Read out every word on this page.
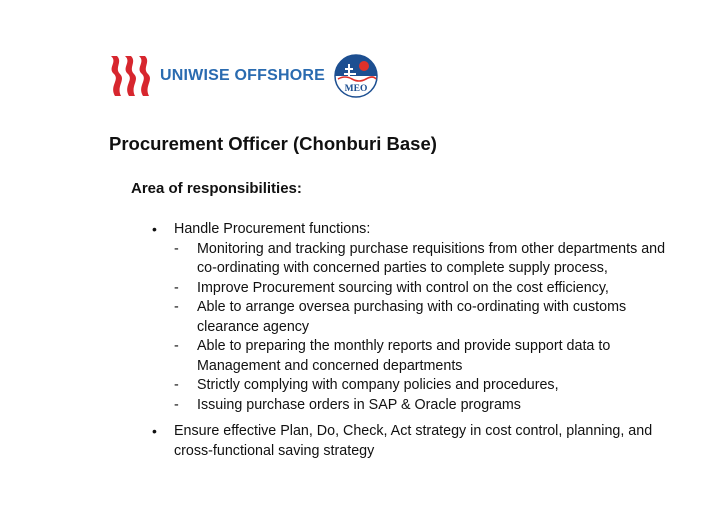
UNIWISE OFFSHORE
MEO
Procurement Officer (Chonburi Base)
Area of responsibilities:
• Handle Procurement functions:
- Monitoring and tracking purchase requisitions from other departments and co-ordinating with concerned parties to complete supply process,
- Improve Procurement sourcing with control on the cost efficiency,
- Able to arrange oversea purchasing with co-ordinating with customs clearance agency
- Able to preparing the monthly reports and provide support data to Management and concerned departments
- Strictly complying with company policies and procedures,
- Issuing purchase orders in SAP & Oracle programs
• Ensure effective Plan, Do, Check, Act strategy in cost control, planning, and cross-functional saving strategy
